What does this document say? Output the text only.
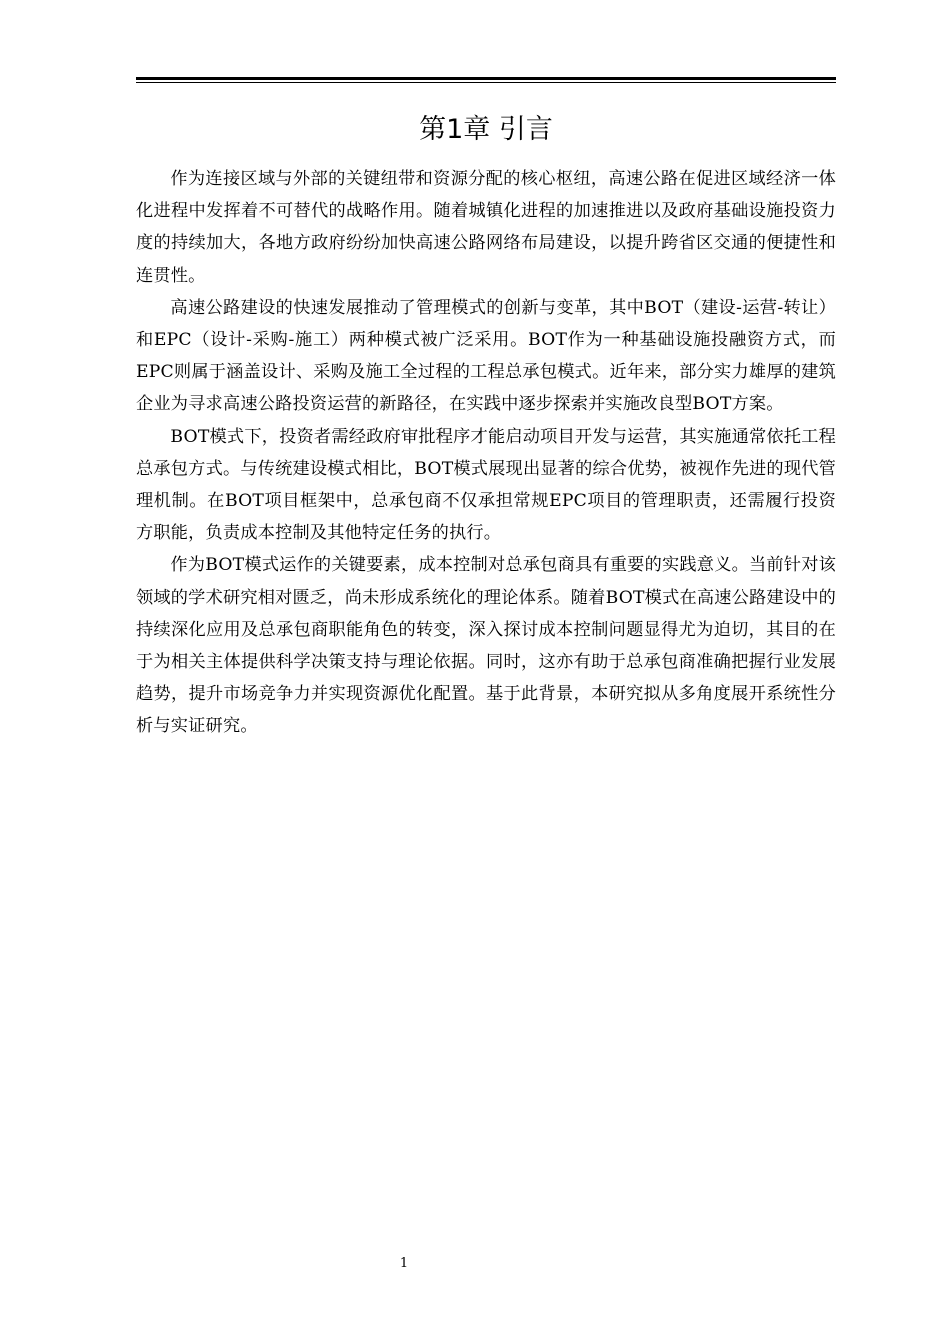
第1章 引言

作为连接区域与外部的关键纽带和资源分配的核心枢纽，高速公路在促进区域经济一体化进程中发挥着不可替代的战略作用。随着城镇化进程的加速推进以及政府基础设施投资力度的持续加大，各地方政府纷纷加快高速公路网络布局建设，以提升跨省区交通的便捷性和连贯性。

高速公路建设的快速发展推动了管理模式的创新与变革，其中BOT（建设-运营-转让）和EPC（设计-采购-施工）两种模式被广泛采用。BOT作为一种基础设施投融资方式，而EPC则属于涵盖设计、采购及施工全过程的工程总承包模式。近年来，部分实力雄厚的建筑企业为寻求高速公路投资运营的新路径，在实践中逐步探索并实施改良型BOT方案。

BOT模式下，投资者需经政府审批程序才能启动项目开发与运营，其实施通常依托工程总承包方式。与传统建设模式相比，BOT模式展现出显著的综合优势，被视作先进的现代管理机制。在BOT项目框架中，总承包商不仅承担常规EPC项目的管理职责，还需履行投资方职能，负责成本控制及其他特定任务的执行。

作为BOT模式运作的关键要素，成本控制对总承包商具有重要的实践意义。当前针对该领域的学术研究相对匮乏，尚未形成系统化的理论体系。随着BOT模式在高速公路建设中的持续深化应用及总承包商职能角色的转变，深入探讨成本控制问题显得尤为迫切，其目的在于为相关主体提供科学决策支持与理论依据。同时，这亦有助于总承包商准确把握行业发展趋势，提升市场竞争力并实现资源优化配置。基于此背景，本研究拟从多角度展开系统性分析与实证研究。

1
